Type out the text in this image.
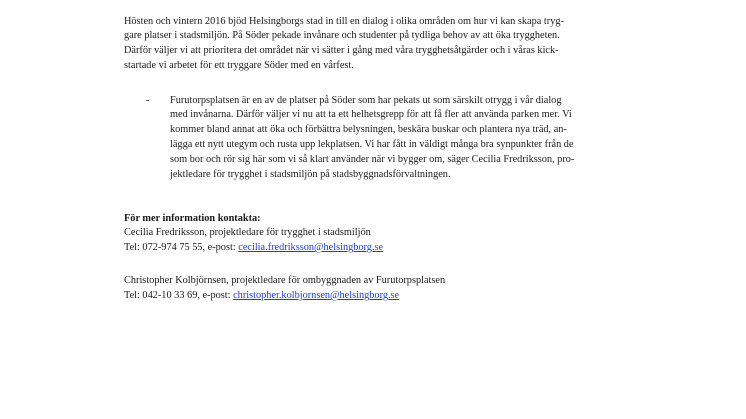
Hösten och vintern 2016 bjöd Helsingborgs stad in till en dialog i olika områden om hur vi kan skapa tryg-
gare platser i stadsmiljön. På Söder pekade invånare och studenter på tydliga behov av att öka tryggheten.
Därför väljer vi att prioritera det området när vi sätter i gång med våra trygghetsåtgärder och i våras kick-
startade vi arbetet för ett tryggare Söder med en vårfest.
- Furutorpsplatsen är en av de platser på Söder som har pekats ut som särskilt otrygg i vår dialog
med invånarna. Därför väljer vi nu att ta ett helhetsgrepp för att få fler att använda parken mer. Vi
kommer bland annat att öka och förbättra belysningen, beskära buskar och plantera nya träd, an-
lägga ett nytt utegym och rusta upp lekplatsen. Vi har fått in väldigt många bra synpunkter från de
som bor och rör sig här som vi så klart använder när vi bygger om, säger Cecilia Fredriksson, pro-
jektledare för trygghet i stadsmiljön på stadsbyggnadsförvaltningen.
För mer information kontakta:
Cecilia Fredriksson, projektledare för trygghet i stadsmiljön
Tel: 072-974 75 55, e-post: cecilia.fredriksson@helsingborg.se
Christopher Kolbjörnsen, projektledare för ombyggnaden av Furutorpsplatsen
Tel: 042-10 33 69, e-post: christopher.kolbjornsen@helsingborg.se
